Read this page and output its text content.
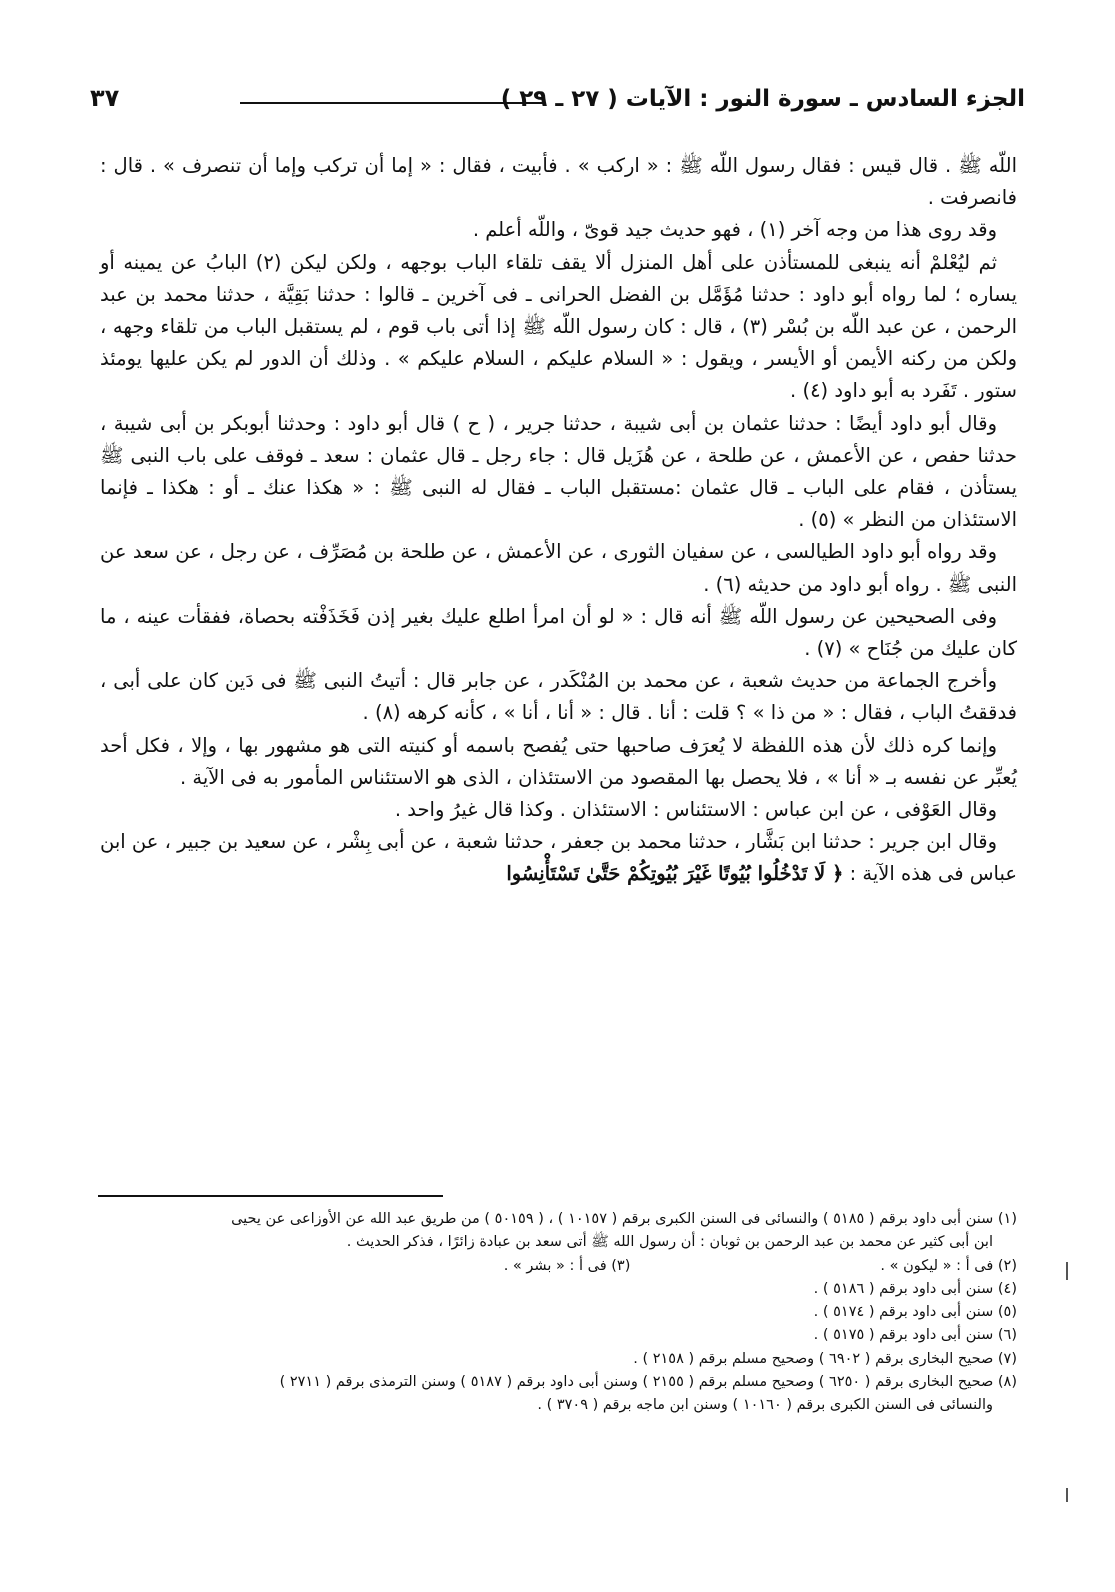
الجزء السادس ـ سورة النور : الآيات ( ٢٧ ـ ٢٩ )
٣٧

اللّه ﷺ . قال قيس : فقال رسول اللّه ﷺ : « اركب » . فأبيت ، فقال : « إما أن تركب وإما أن تنصرف » . قال : فانصرفت .

وقد روى هذا من وجه آخر (١) ، فهو حديث جيد قوىّ ، واللّه أعلم .

ثم ليُعْلمْ أنه ينبغى للمستأذن على أهل المنزل ألا يقف تلقاء الباب بوجهه ، ولكن ليكن (٢) البابُ عن يمينه أو يساره ؛ لما رواه أبو داود : حدثنا مُؤَمَّل بن الفضل الحرانى ـ فى آخرين ـ قالوا : حدثنا بَقِيَّة ، حدثنا محمد بن عبد الرحمن ، عن عبد اللّه بن بُسْر (٣) ، قال : كان رسول اللّه ﷺ إذا أتى باب قوم ، لم يستقبل الباب من تلقاء وجهه ، ولكن من ركنه الأيمن أو الأيسر ، ويقول : « السلام عليكم ، السلام عليكم » . وذلك أن الدور لم يكن عليها يومئذ ستور . تَفَرد به أبو داود (٤) .

وقال أبو داود أيضًا : حدثنا عثمان بن أبى شيبة ، حدثنا جرير ، ( ح ) قال أبو داود : وحدثنا أبوبكر بن أبى شيبة ، حدثنا حفص ، عن الأعمش ، عن طلحة ، عن هُزَيل قال : جاء رجل ـ قال عثمان : سعد ـ فوقف على باب النبى ﷺ يستأذن ، فقام على الباب ـ قال عثمان :مستقبل الباب ـ فقال له النبى ﷺ : « هكذا عنك ـ أو : هكذا ـ فإنما الاستئذان من النظر » (٥) .

وقد رواه أبو داود الطيالسى ، عن سفيان الثورى ، عن الأعمش ، عن طلحة بن مُصَرِّف ، عن رجل ، عن سعد عن النبى ﷺ . رواه أبو داود من حديثه (٦) .

وفى الصحيحين عن رسول اللّه ﷺ أنه قال : « لو أن امرأ اطلع عليك بغير إذن فَخَذَفْته بحصاة، ففقأت عينه ، ما كان عليك من جُنَاح » (٧) .

وأخرج الجماعة من حديث شعبة ، عن محمد بن المُنْكَدر ، عن جابر قال : أتيتُ النبى ﷺ فى دَين كان على أبى ، فدققتُ الباب ، فقال : « من ذا » ؟ قلت : أنا . قال : « أنا ، أنا » ، كأنه كرهه (٨) .

وإنما كره ذلك لأن هذه اللفظة لا يُعرَف صاحبها حتى يُفصح باسمه أو كنيته التى هو مشهور بها ، وإلا ، فكل أحد يُعبِّر عن نفسه بـ « أنا » ، فلا يحصل بها المقصود من الاستئذان ، الذى هو الاستئناس المأمور به فى الآية .

وقال العَوْفى ، عن ابن عباس : الاستئناس : الاستئذان . وكذا قال غيرُ واحد .

وقال ابن جرير : حدثنا ابن بَشَّار ، حدثنا محمد بن جعفر ، حدثنا شعبة ، عن أبى بِشْر ، عن سعيد بن جبير ، عن ابن عباس فى هذه الآية : ﴿ لَا تَدْخُلُوا بُيُوتًا غَيْرَ بُيُوتِكُمْ حَتَّىٰ تَسْتَأْنِسُوا

(١) سنن أبى داود برقم ( ٥١٨٥ ) والنسائى فى السنن الكبرى برقم ( ١٠١٥٧ ) ، ( ٥٠١٥٩ ) من طريق عبد الله عن الأوزاعى عن يحيى

ابن أبى كثير عن محمد بن عبد الرحمن بن ثوبان : أن رسول الله ﷺ أتى سعد بن عبادة زائرًا ، فذكر الحديث .

(٢) فى أ : « ليكون » .(٣) فى أ : « بشر » .

(٤) سنن أبى داود برقم ( ٥١٨٦ ) .

(٥) سنن أبى داود برقم ( ٥١٧٤ ) .

(٦) سنن أبى داود برقم ( ٥١٧٥ ) .

(٧) صحيح البخارى برقم ( ٦٩٠٢ ) وصحيح مسلم برقم ( ٢١٥٨ ) .

(٨) صحيح البخارى برقم ( ٦٢٥٠ ) وصحيح مسلم برقم ( ٢١٥٥ ) وسنن أبى داود برقم ( ٥١٨٧ ) وسنن الترمذى برقم ( ٢٧١١ )

والنسائى فى السنن الكبرى برقم ( ١٠١٦٠ ) وسنن ابن ماجه برقم ( ٣٧٠٩ ) .
